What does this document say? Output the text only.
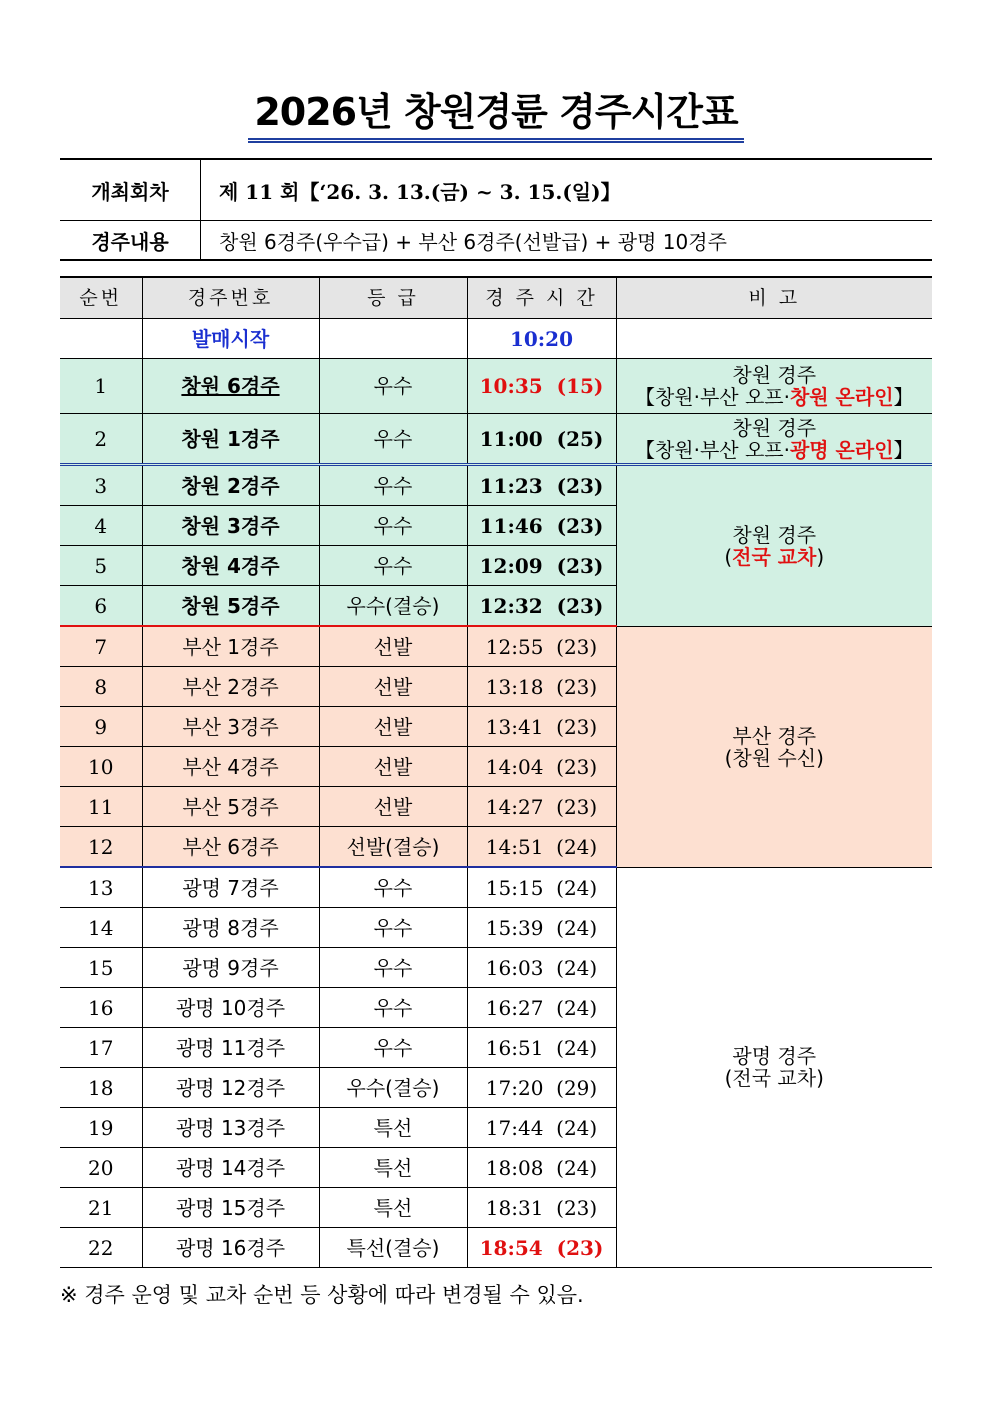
2026년 창원경륜 경주시간표
개최회차	제 11 회【‘26. 3. 13.(금) ~ 3. 15.(일)】
경주내용	창원 6경주(우수급) + 부산 6경주(선발급) + 광명 10경주
순번	경주번호	등 급	경 주 시 간	비 고
	발매시작		10:20	
1	창원 6경주	우수	10:35 (15)	창원 경주
【창원·부산 오프·창원 온라인】
2	창원 1경주	우수	11:00 (25)	창원 경주
【창원·부산 오프·광명 온라인】
3	창원 2경주	우수	11:23 (23)	창원 경주
(전국 교차)
4	창원 3경주	우수	11:46 (23)	
5	창원 4경주	우수	12:09 (23)	
6	창원 5경주	우수(결승)	12:32 (23)	
7	부산 1경주	선발	12:55 (23)	부산 경주
(창원 수신)
8	부산 2경주	선발	13:18 (23)	
9	부산 3경주	선발	13:41 (23)	
10	부산 4경주	선발	14:04 (23)	
11	부산 5경주	선발	14:27 (23)	
12	부산 6경주	선발(결승)	14:51 (24)	
13	광명 7경주	우수	15:15 (24)	광명 경주
(전국 교차)
14	광명 8경주	우수	15:39 (24)	
15	광명 9경주	우수	16:03 (24)	
16	광명 10경주	우수	16:27 (24)	
17	광명 11경주	우수	16:51 (24)	
18	광명 12경주	우수(결승)	17:20 (29)	
19	광명 13경주	특선	17:44 (24)	
20	광명 14경주	특선	18:08 (24)	
21	광명 15경주	특선	18:31 (23)	
22	광명 16경주	특선(결승)	18:54 (23)	
※ 경주 운영 및 교차 순번 등 상황에 따라 변경될 수 있음.
